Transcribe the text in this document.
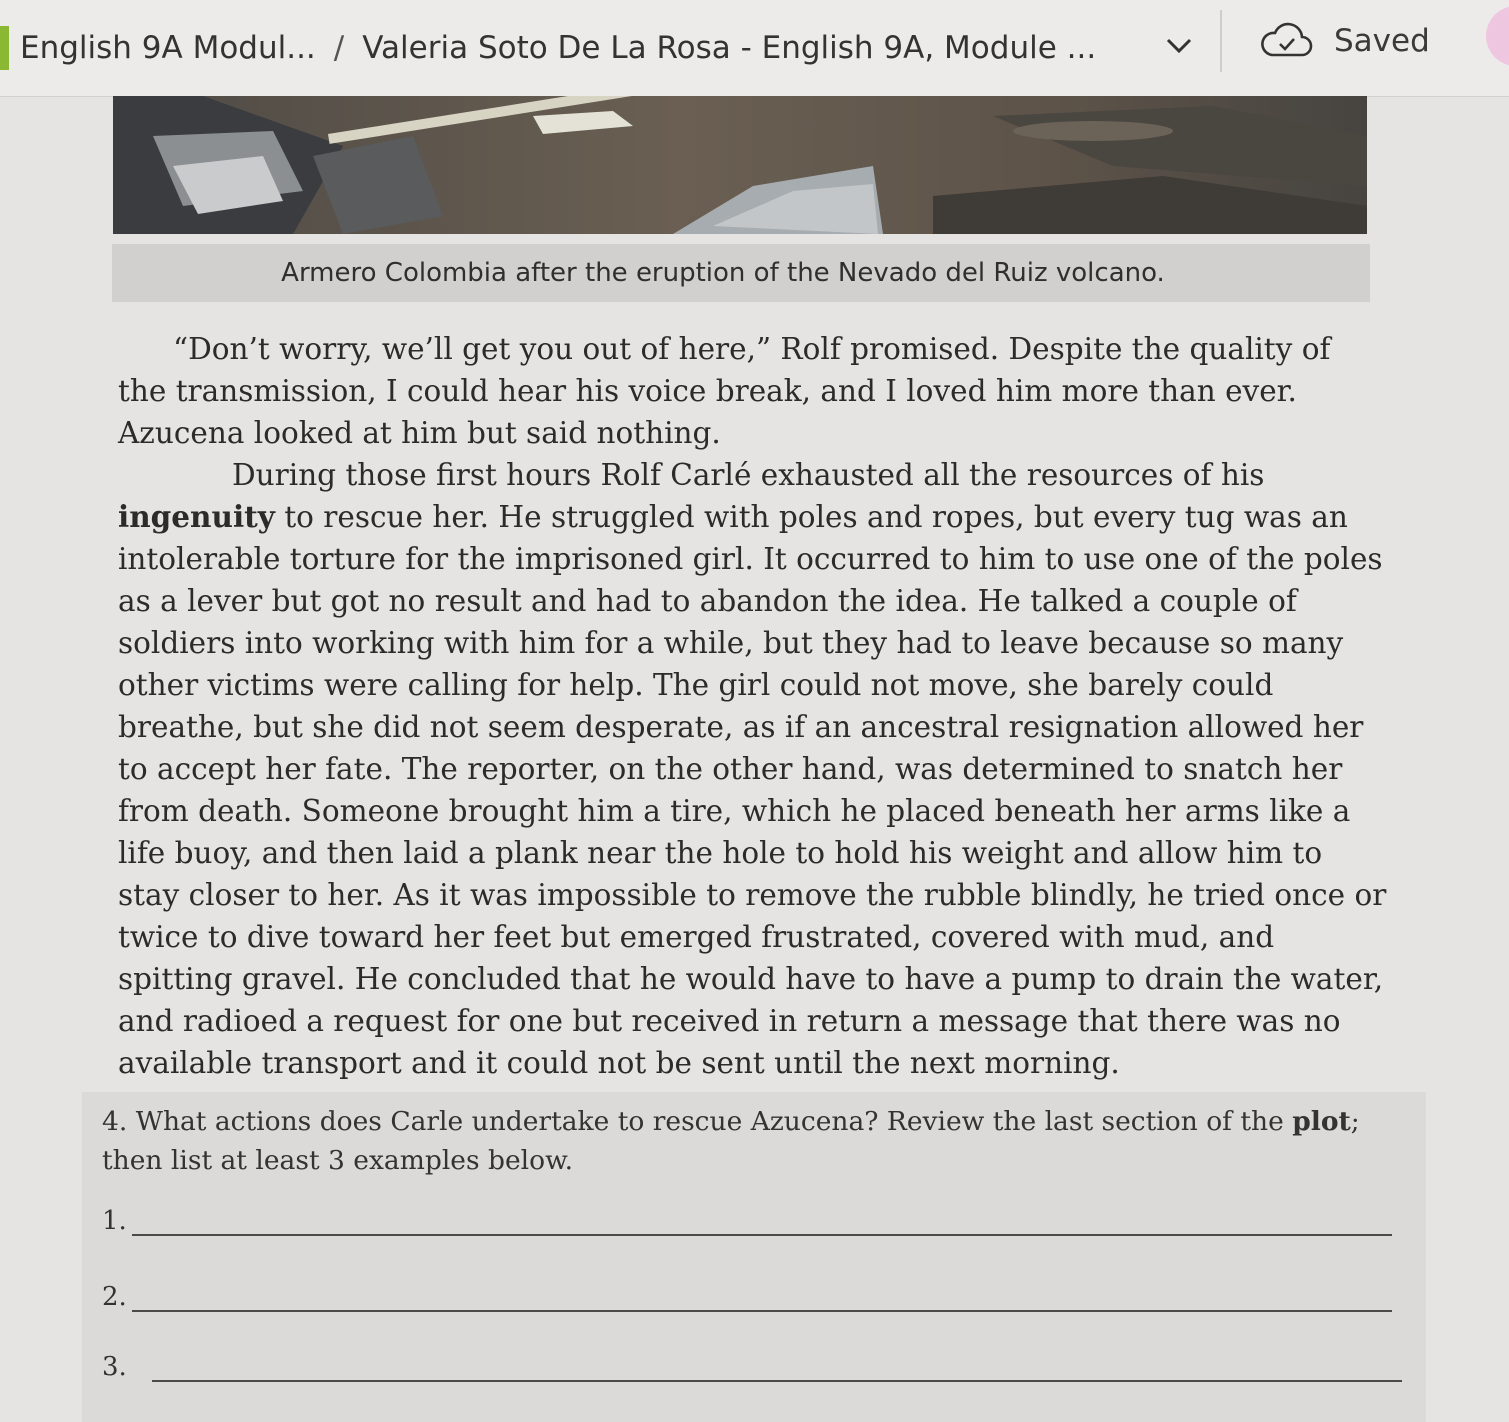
English 9A Modul... / Valeria Soto De La Rosa - English 9A, Module ...	Saved
Armero Colombia after the eruption of the Nevado del Ruiz volcano.

“Don’t worry, we’ll get you out of here,” Rolf promised. Despite the quality of the transmission, I could hear his voice break, and I loved him more than ever. Azucena looked at him but said nothing.

During those first hours Rolf Carlé exhausted all the resources of his ingenuity to rescue her. He struggled with poles and ropes, but every tug was an intolerable torture for the imprisoned girl. It occurred to him to use one of the poles as a lever but got no result and had to abandon the idea. He talked a couple of soldiers into working with him for a while, but they had to leave because so many other victims were calling for help. The girl could not move, she barely could breathe, but she did not seem desperate, as if an ancestral resignation allowed her to accept her fate. The reporter, on the other hand, was determined to snatch her from death. Someone brought him a tire, which he placed beneath her arms like a life buoy, and then laid a plank near the hole to hold his weight and allow him to stay closer to her. As it was impossible to remove the rubble blindly, he tried once or twice to dive toward her feet but emerged frustrated, covered with mud, and spitting gravel. He concluded that he would have to have a pump to drain the water, and radioed a request for one but received in return a message that there was no available transport and it could not be sent until the next morning.

4. What actions does Carle undertake to rescue Azucena? Review the last section of the plot; then list at least 3 examples below.
1.
2.
3.
